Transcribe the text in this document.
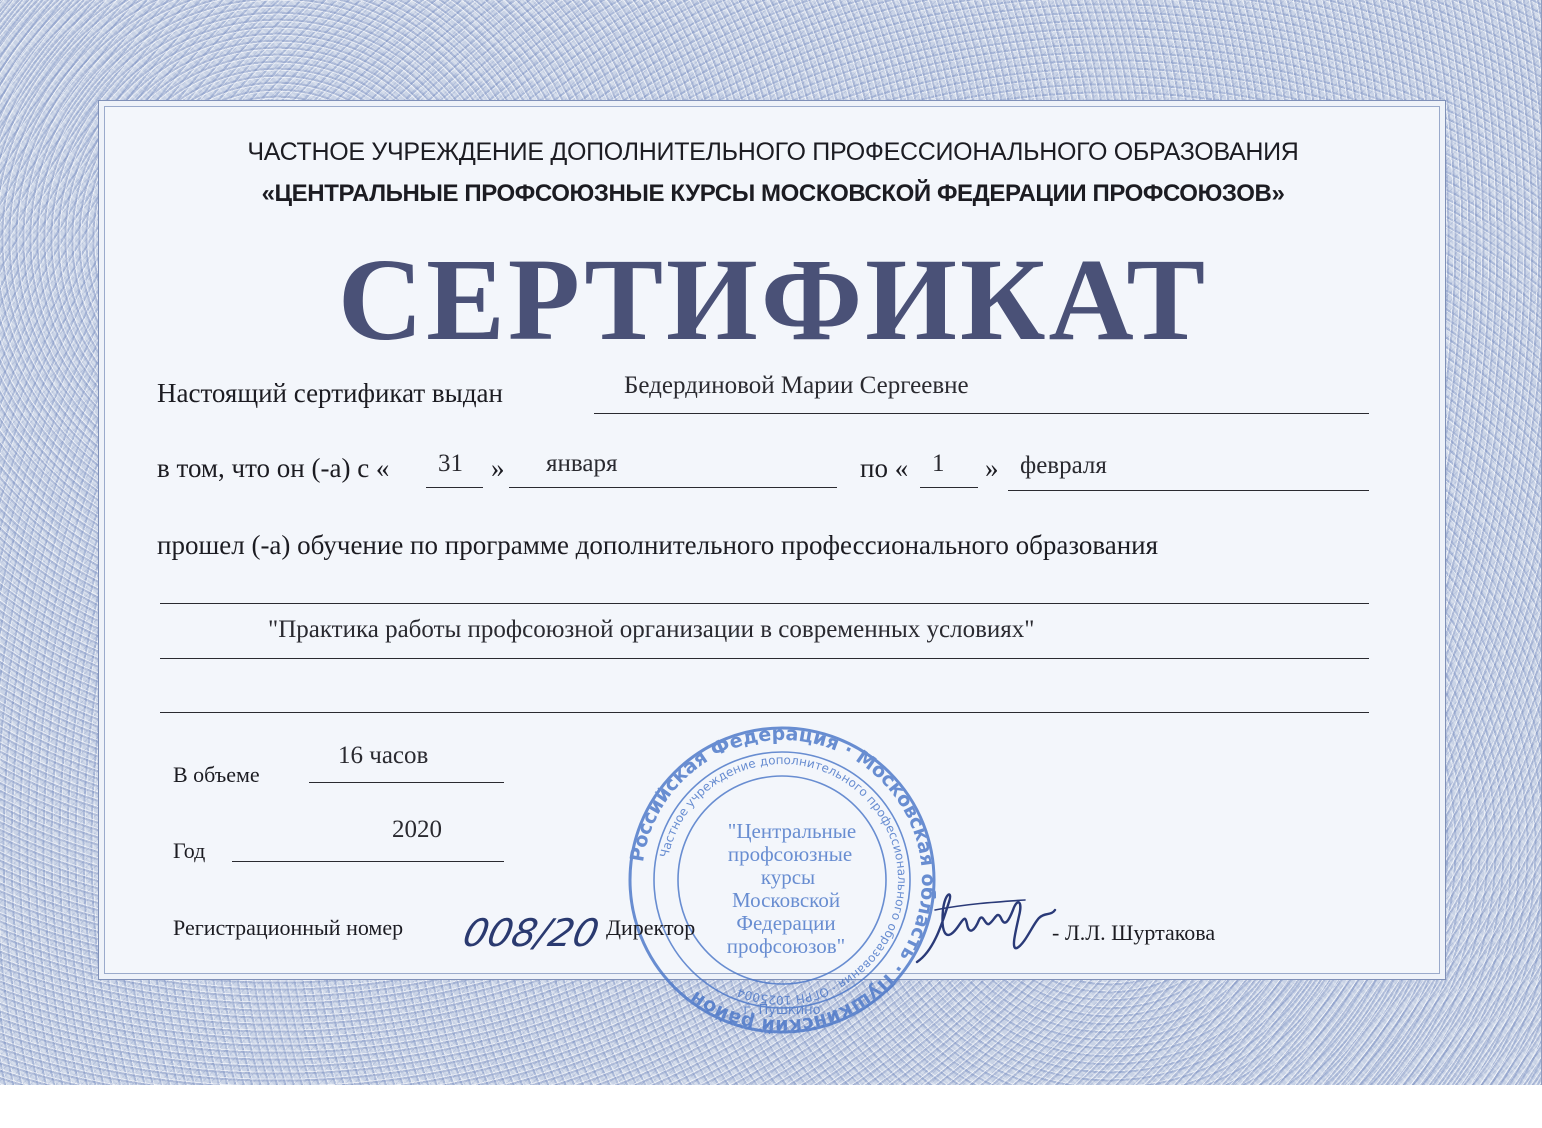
ЧАСТНОЕ УЧРЕЖДЕНИЕ ДОПОЛНИТЕЛЬНОГО ПРОФЕССИОНАЛЬНОГО ОБРАЗОВАНИЯ
«ЦЕНТРАЛЬНЫЕ ПРОФСОЮЗНЫЕ КУРСЫ МОСКОВСКОЙ ФЕДЕРАЦИИ ПРОФСОЮЗОВ»
СЕРТИФИКАТ
Настоящий сертификат выдан	Бедердиновой Марии Сергеевне
в том, что он (-а) с « 31 » января	по « 1 » февраля
прошел (-а) обучение по программе дополнительного профессионального образования
"Практика работы профсоюзной организации в современных условиях"
В объеме
16 часов
Год
2020
Регистрационный номер 008/20
Российская Федерация · Московская область · Пушкинский район
Частное учреждение дополнительного профессионального образования · ОГРН 1025004
"Центральные
профсоюзные
курсы
Московской
Федерации
профсоюзов"
г. Пушкино
Директор	- Л.Л. Шуртакова
